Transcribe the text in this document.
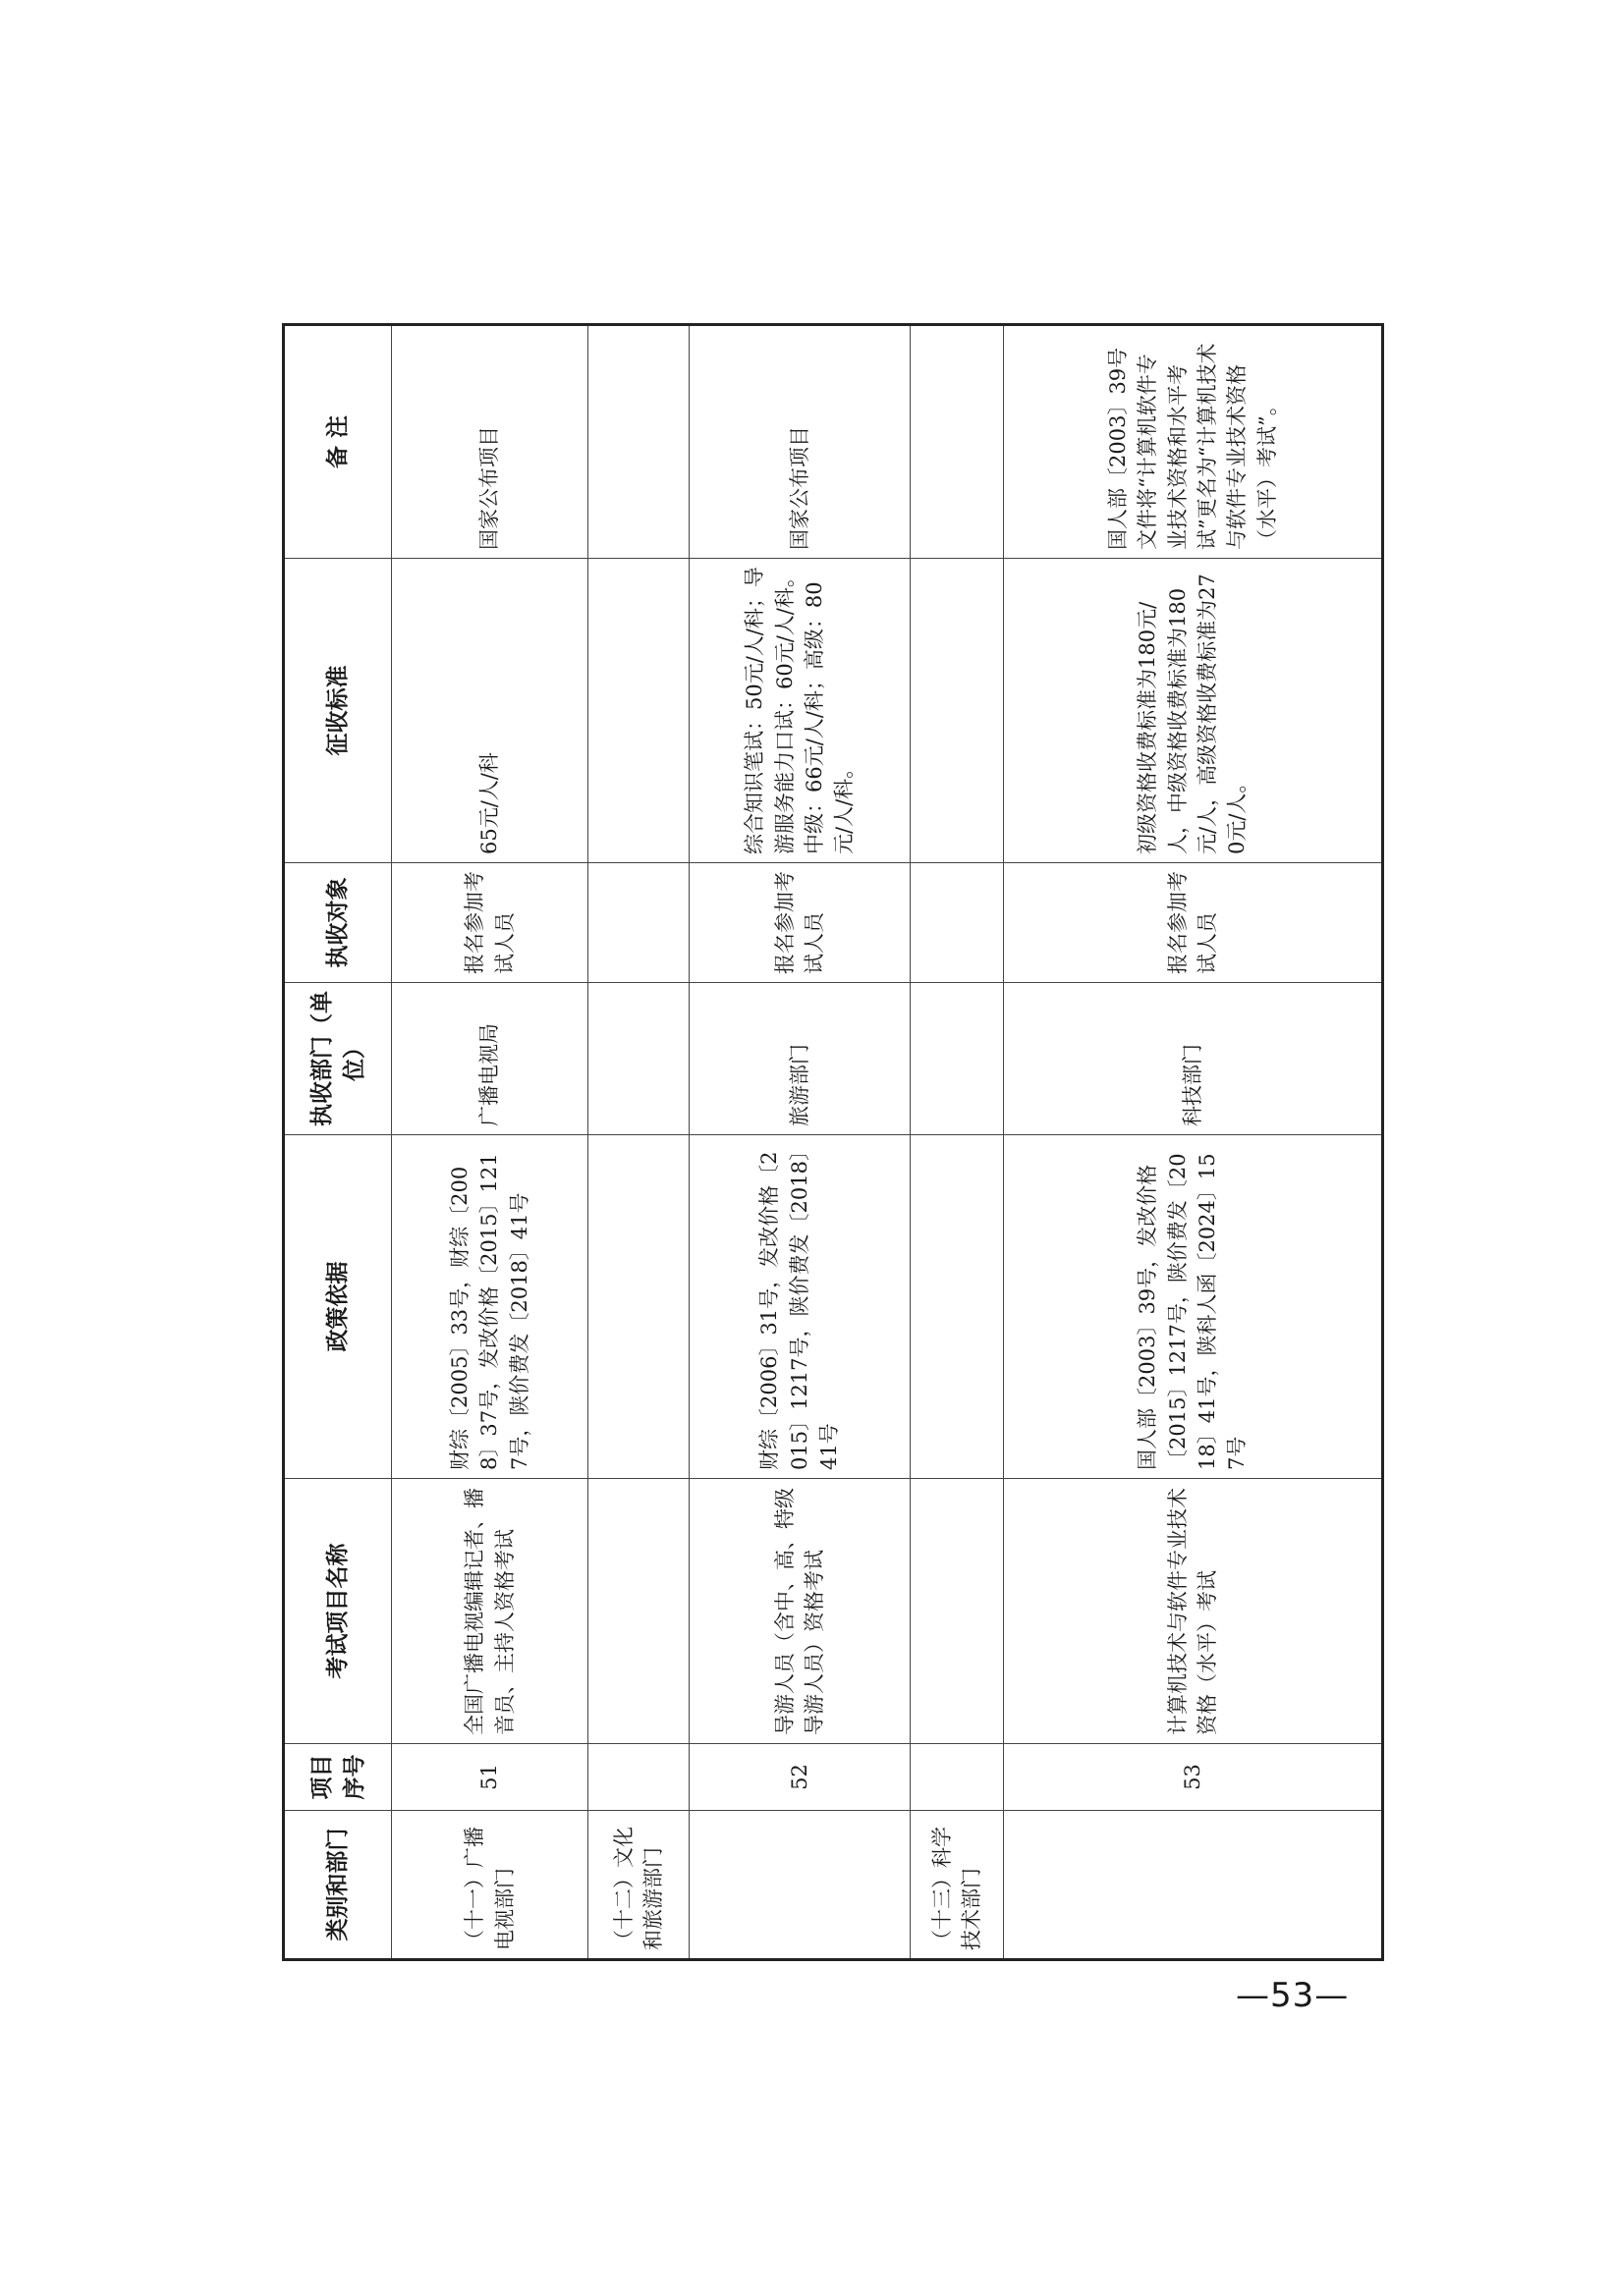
类别和部门	项目序号	考试项目名称	政策依据	执收部门（单位）	执收对象	征收标准	备 注
（十一）广播电视部门	51	全国广播电视编辑记者、播音员、主持人资格考试	财综〔2005〕33号，财综〔2008〕37号，发改价格〔2015〕1217号，陕价费发〔2018〕41号	广播电视局	报名参加考试人员	65元/人/科	国家公布项目
（十二）文化和旅游部门							
	52	导游人员（含中、高、特级导游人员）资格考试	财综〔2006〕31号，发改价格〔2015〕1217号，陕价费发〔2018〕41号	旅游部门	报名参加考试人员	综合知识笔试：50元/人/科；导游服务能力口试：60元/人/科。中级：66元/人/科；高级：80元/人/科。	国家公布项目
（十三）科学技术部门							
	53	计算机技术与软件专业技术资格（水平）考试	国人部〔2003〕39号，发改价格〔2015〕1217号，陕价费发〔2018〕41号，陕科人函〔2024〕157号	科技部门	报名参加考试人员	初级资格收费标准为180元/人，中级资格收费标准为180元/人，高级资格收费标准为270元/人。	国人部〔2003〕39号文件将“计算机软件专业技术资格和水平考试”更名为“计算机技术与软件专业技术资格（水平）考试”。
—53—
